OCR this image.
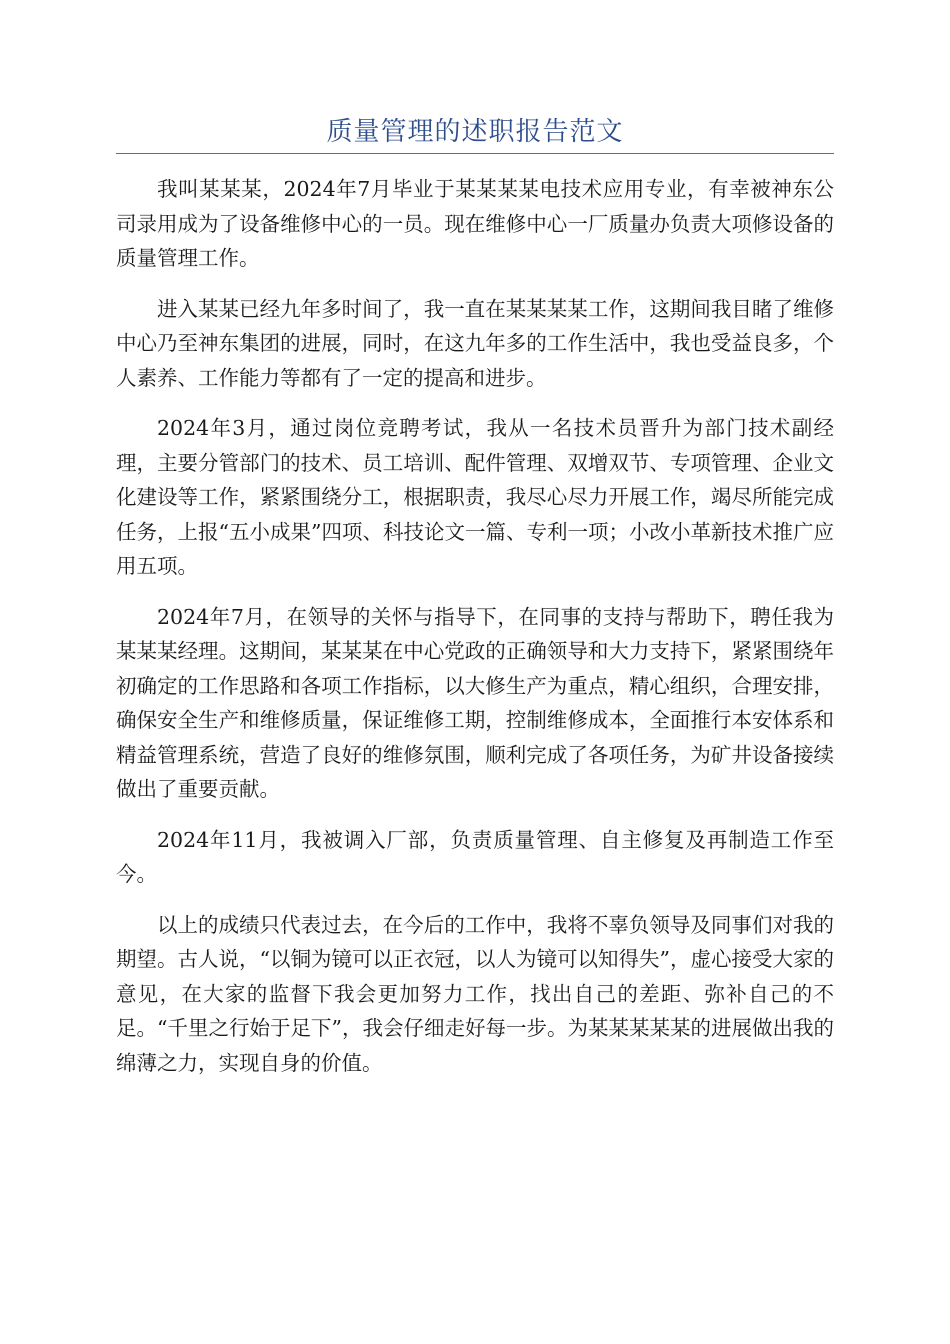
质量管理的述职报告范文

我叫某某某，2024年7月毕业于某某某某电技术应用专业，有幸被神东公司录用成为了设备维修中心的一员。现在维修中心一厂质量办负责大项修设备的质量管理工作。

进入某某已经九年多时间了，我一直在某某某某工作，这期间我目睹了维修中心乃至神东集团的进展，同时，在这九年多的工作生活中，我也受益良多，个人素养、工作能力等都有了一定的提高和进步。

2024年3月，通过岗位竞聘考试，我从一名技术员晋升为部门技术副经理，主要分管部门的技术、员工培训、配件管理、双增双节、专项管理、企业文化建设等工作，紧紧围绕分工，根据职责，我尽心尽力开展工作，竭尽所能完成任务，上报“五小成果”四项、科技论文一篇、专利一项；小改小革新技术推广应用五项。

2024年7月，在领导的关怀与指导下，在同事的支持与帮助下，聘任我为某某某经理。这期间，某某某在中心党政的正确领导和大力支持下，紧紧围绕年初确定的工作思路和各项工作指标，以大修生产为重点，精心组织，合理安排，确保安全生产和维修质量，保证维修工期，控制维修成本，全面推行本安体系和精益管理系统，营造了良好的维修氛围，顺利完成了各项任务，为矿井设备接续做出了重要贡献。

2024年11月，我被调入厂部，负责质量管理、自主修复及再制造工作至今。

以上的成绩只代表过去，在今后的工作中，我将不辜负领导及同事们对我的期望。古人说，“以铜为镜可以正衣冠，以人为镜可以知得失”，虚心接受大家的意见，在大家的监督下我会更加努力工作，找出自己的差距、弥补自己的不足。“千里之行始于足下”，我会仔细走好每一步。为某某某某某的进展做出我的绵薄之力，实现自身的价值。
